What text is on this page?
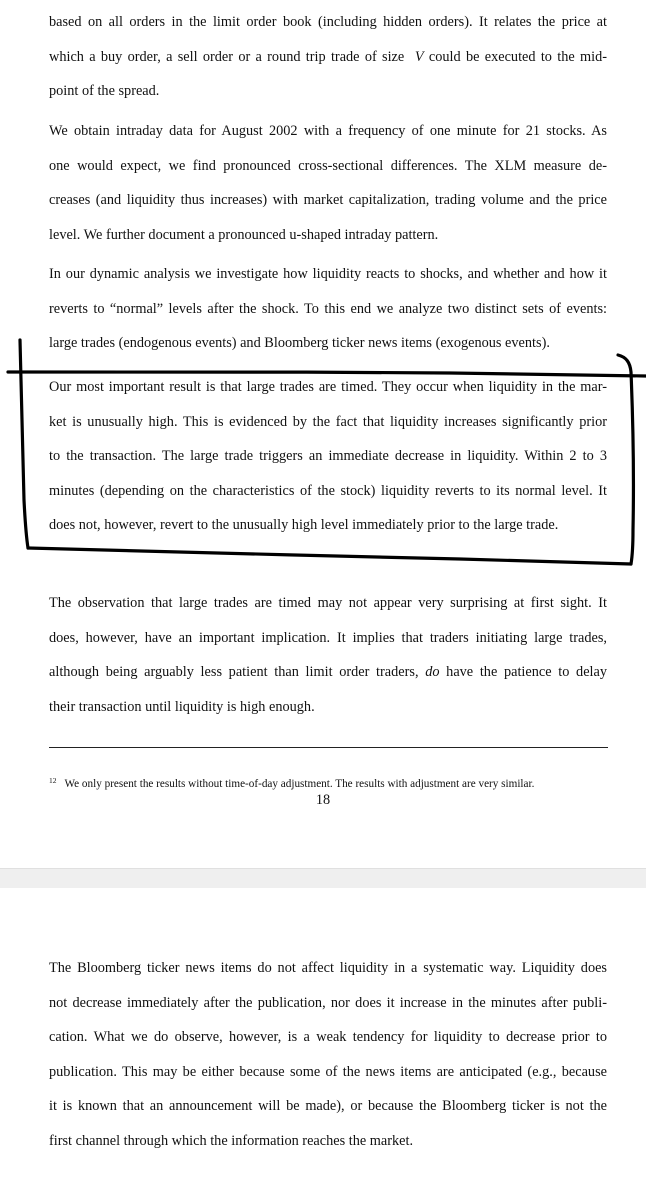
based on all orders in the limit order book (including hidden orders). It relates the price at
which a buy order, a sell order or a round trip trade of size V could be executed to the mid-
point of the spread.
We obtain intraday data for August 2002 with a frequency of one minute for 21 stocks. As
one would expect, we find pronounced cross-sectional differences. The XLM measure de-
creases (and liquidity thus increases) with market capitalization, trading volume and the price
level. We further document a pronounced u-shaped intraday pattern.
In our dynamic analysis we investigate how liquidity reacts to shocks, and whether and how it
reverts to “normal” levels after the shock. To this end we analyze two distinct sets of events:
large trades (endogenous events) and Bloomberg ticker news items (exogenous events).
Our most important result is that large trades are timed. They occur when liquidity in the mar-
ket is unusually high. This is evidenced by the fact that liquidity increases significantly prior
to the transaction. The large trade triggers an immediate decrease in liquidity. Within 2 to 3
minutes (depending on the characteristics of the stock) liquidity reverts to its normal level. It
does not, however, revert to the unusually high level immediately prior to the large trade.
The observation that large trades are timed may not appear very surprising at first sight. It
does, however, have an important implication. It implies that traders initiating large trades,
although being arguably less patient than limit order traders, do have the patience to delay
their transaction until liquidity is high enough.
$^{12}$ We only present the results without time-of-day adjustment. The results with adjustment are very similar.
18
The Bloomberg ticker news items do not affect liquidity in a systematic way. Liquidity does
not decrease immediately after the publication, nor does it increase in the minutes after publi-
cation. What we do observe, however, is a weak tendency for liquidity to decrease prior to
publication. This may be either because some of the news items are anticipated (e.g., because
it is known that an announcement will be made), or because the Bloomberg ticker is not the
first channel through which the information reaches the market.
